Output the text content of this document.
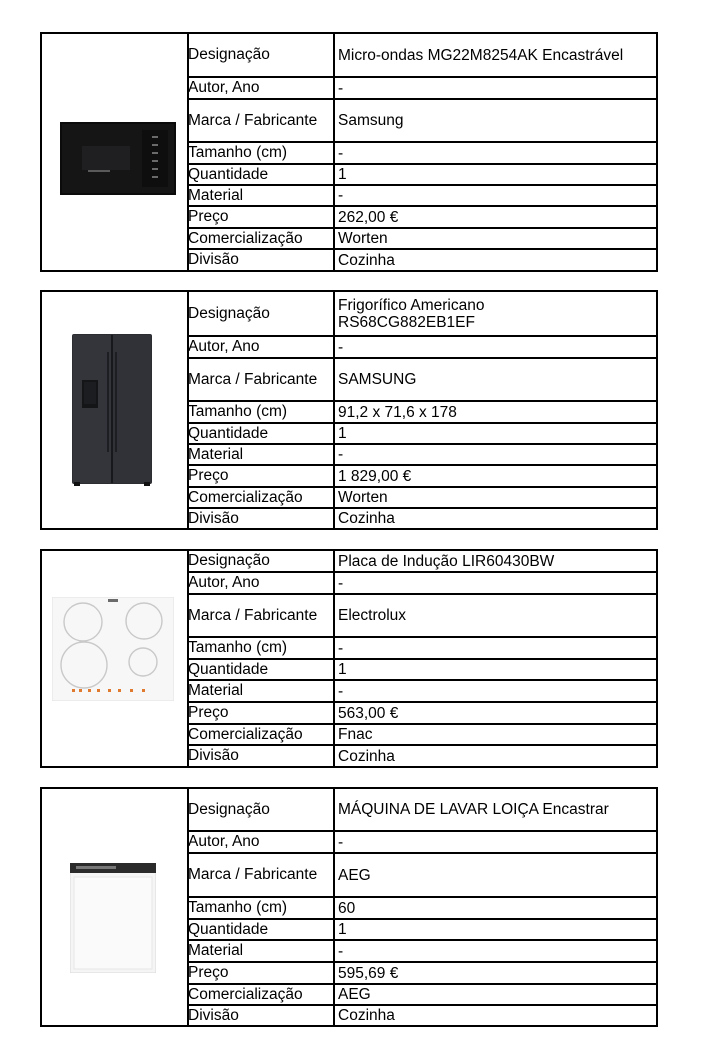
Designação	Micro-ondas MG22M8254AK Encastrável
Autor, Ano	-
Marca / Fabricante	Samsung
Tamanho (cm)	-
Quantidade	1
Material	-
Preço	262,00 €
Comercialização	Worten
Divisão	Cozinha
Designação	Frigorífico Americano
RS68CG882EB1EF
Autor, Ano	-
Marca / Fabricante	SAMSUNG
Tamanho (cm)	91,2 x 71,6 x 178
Quantidade	1
Material	-
Preço	1 829,00 €
Comercialização	Worten
Divisão	Cozinha
Designação	Placa de Indução LIR60430BW
Autor, Ano	-
Marca / Fabricante	Electrolux
Tamanho (cm)	-
Quantidade	1
Material	-
Preço	563,00 €
Comercialização	Fnac
Divisão	Cozinha
Designação	MÁQUINA DE LAVAR LOIÇA Encastrar
Autor, Ano	-
Marca / Fabricante	AEG
Tamanho (cm)	60
Quantidade	1
Material	-
Preço	595,69 €
Comercialização	AEG
Divisão	Cozinha
